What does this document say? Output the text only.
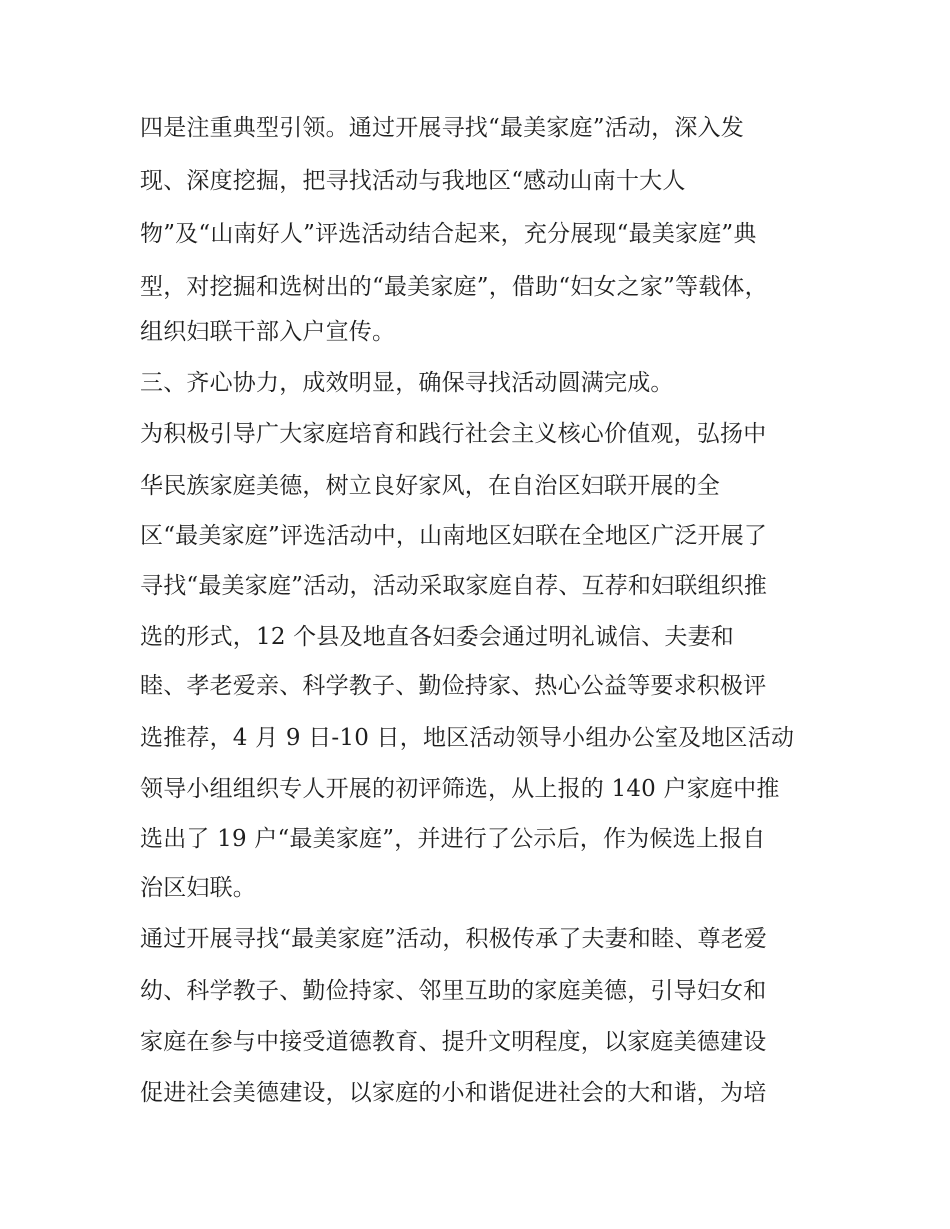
四是注重典型引领。通过开展寻找“最美家庭”活动，深入发

现、深度挖掘，把寻找活动与我地区“感动山南十大人

物”及“山南好人”评选活动结合起来，充分展现“最美家庭”典

型，对挖掘和选树出的“最美家庭”，借助“妇女之家”等载体，

组织妇联干部入户宣传。

三、齐心协力，成效明显，确保寻找活动圆满完成。

为积极引导广大家庭培育和践行社会主义核心价值观，弘扬中

华民族家庭美德，树立良好家风，在自治区妇联开展的全

区“最美家庭”评选活动中，山南地区妇联在全地区广泛开展了

寻找“最美家庭”活动，活动采取家庭自荐、互荐和妇联组织推

选的形式，12 个县及地直各妇委会通过明礼诚信、夫妻和

睦、孝老爱亲、科学教子、勤俭持家、热心公益等要求积极评

选推荐，4 月 9 日-10 日，地区活动领导小组办公室及地区活动

领导小组组织专人开展的初评筛选，从上报的 140 户家庭中推

选出了 19 户“最美家庭”，并进行了公示后，作为候选上报自

治区妇联。

通过开展寻找“最美家庭”活动，积极传承了夫妻和睦、尊老爱

幼、科学教子、勤俭持家、邻里互助的家庭美德，引导妇女和

家庭在参与中接受道德教育、提升文明程度，以家庭美德建设

促进社会美德建设，以家庭的小和谐促进社会的大和谐，为培
